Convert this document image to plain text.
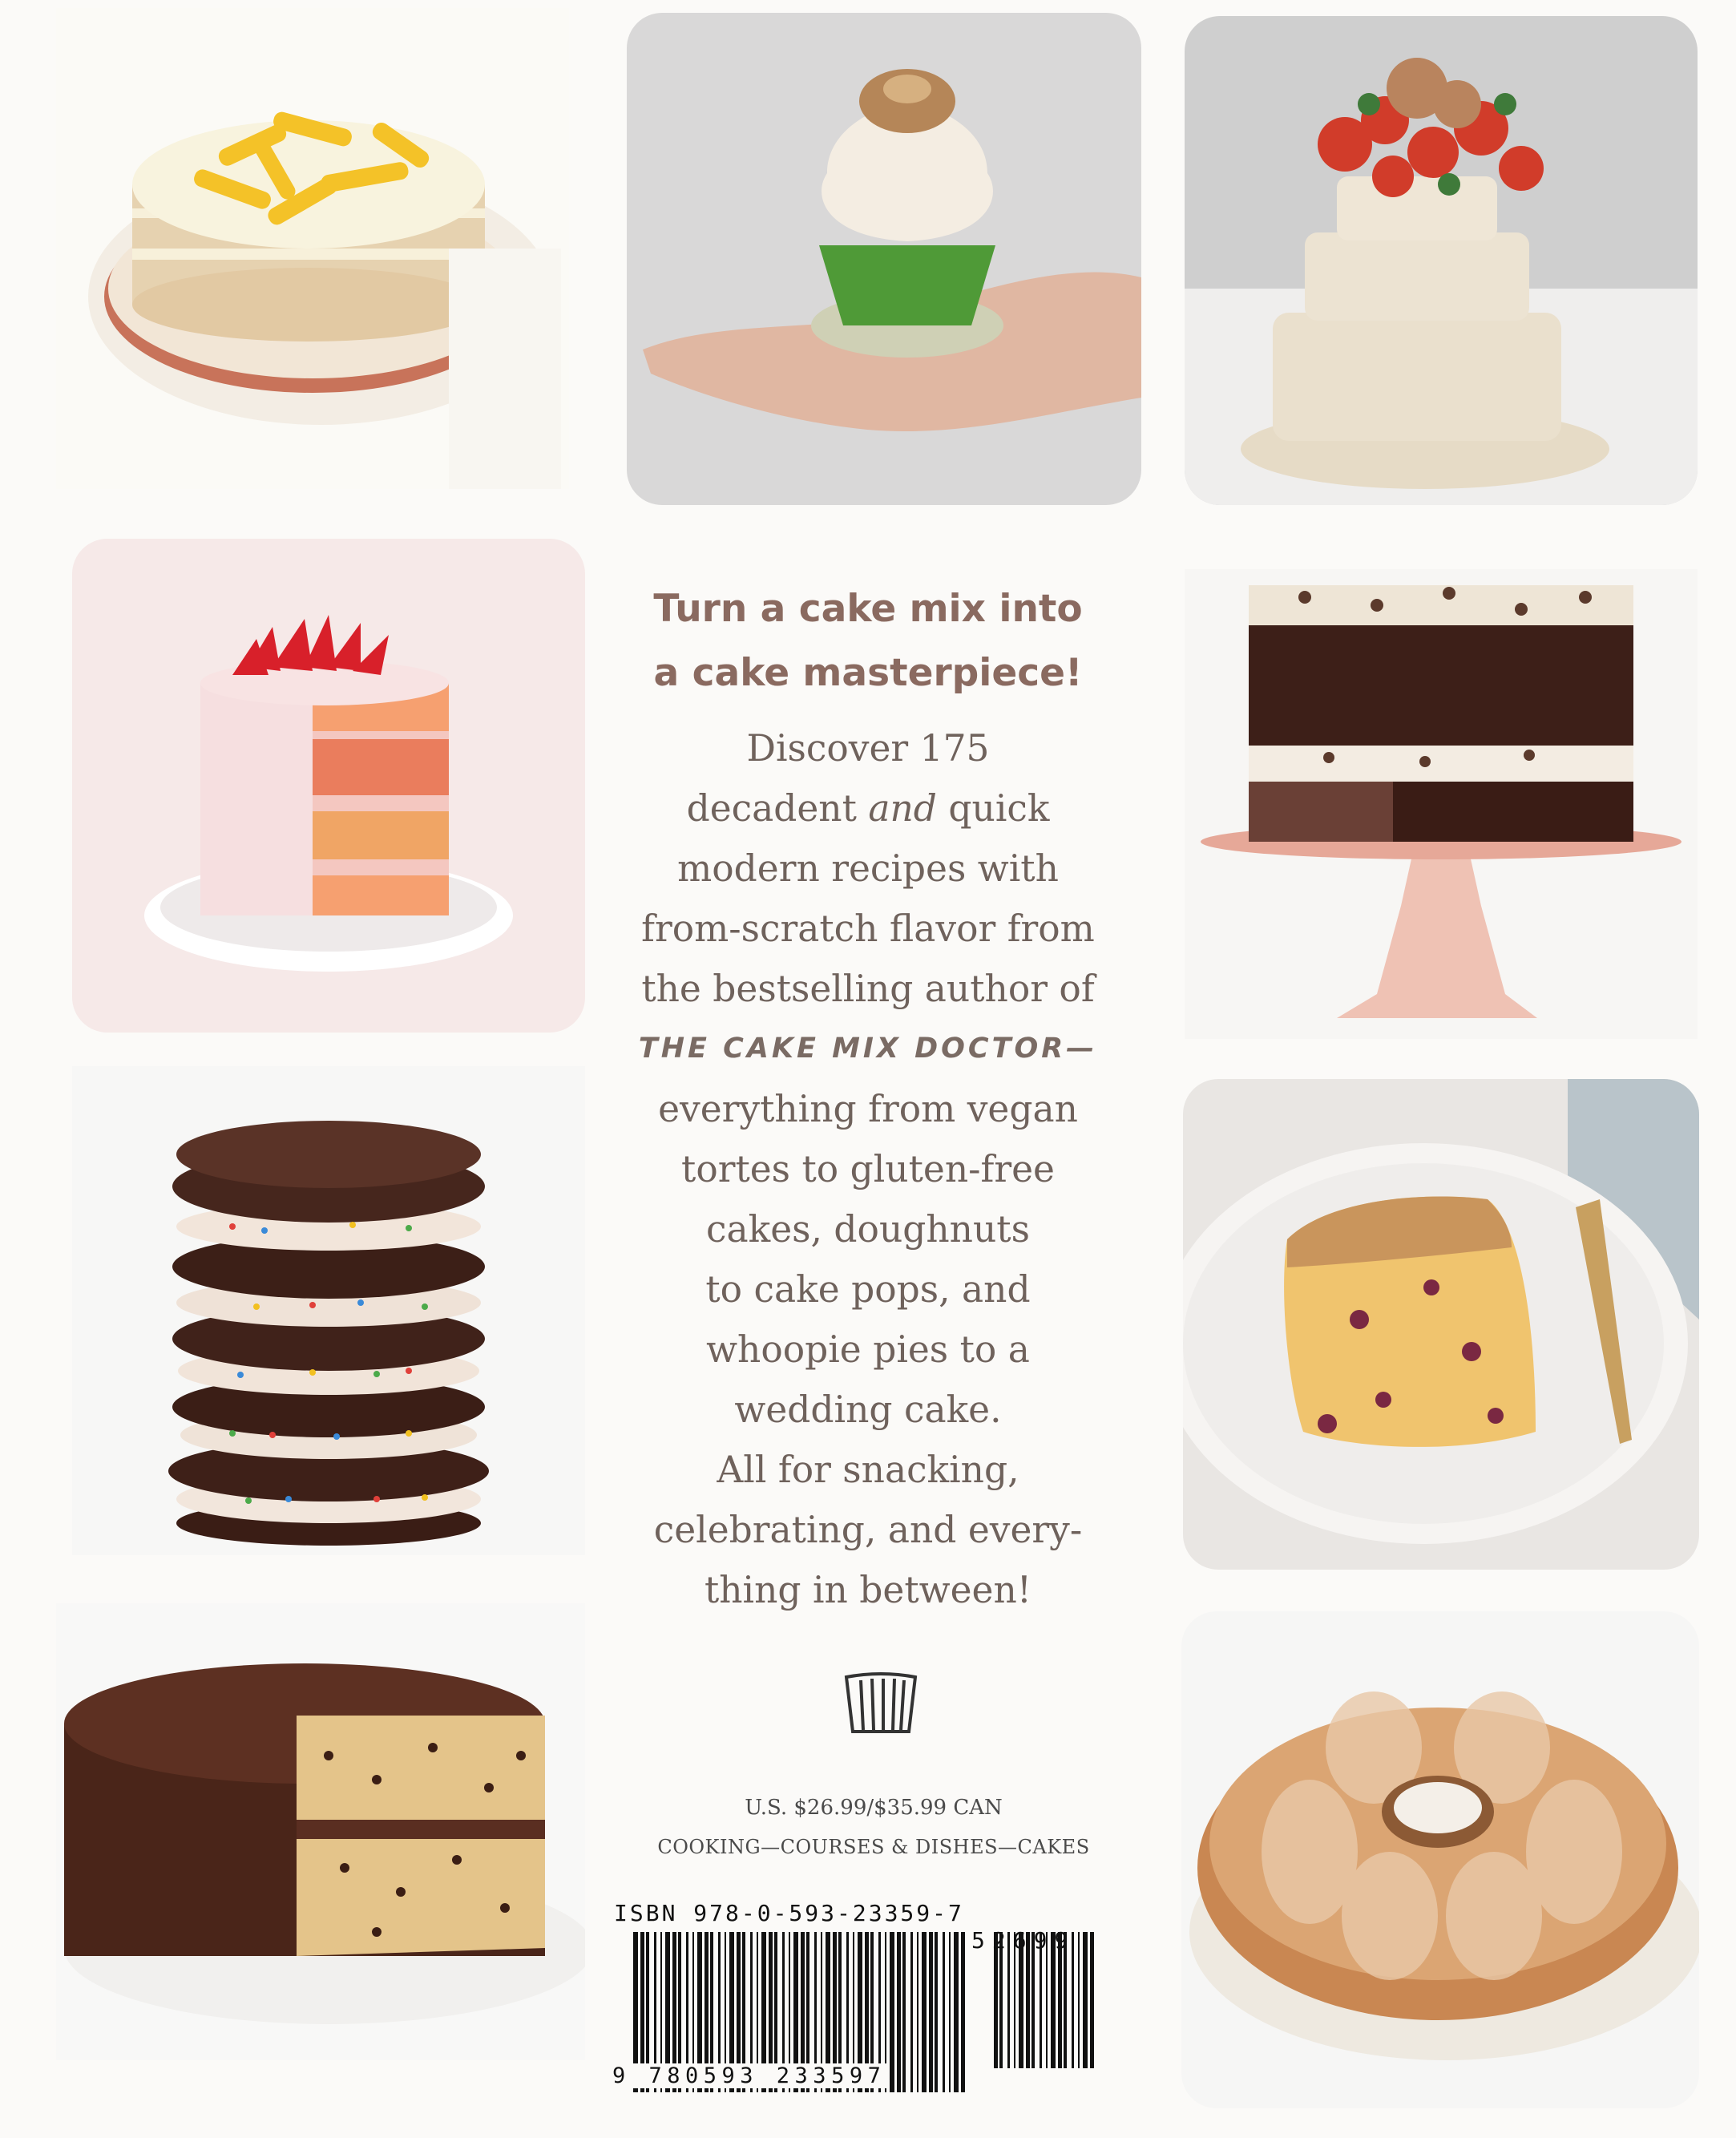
Turn a cake mix into
a cake masterpiece!
Discover 175
decadent and quick
modern recipes with
from-scratch flavor from
the bestselling author of
THE CAKE MIX DOCTOR—
everything from vegan
tortes to gluten-free
cakes, doughnuts
to cake pops, and
whoopie pies to a
wedding cake.
All for snacking,
celebrating, and every-
thing in between!
U.S. $26.99/$35.99 CAN
COOKING—COURSES & DISHES—CAKES
ISBN 978-0-593-23359-7
52699
9 780593 233597
